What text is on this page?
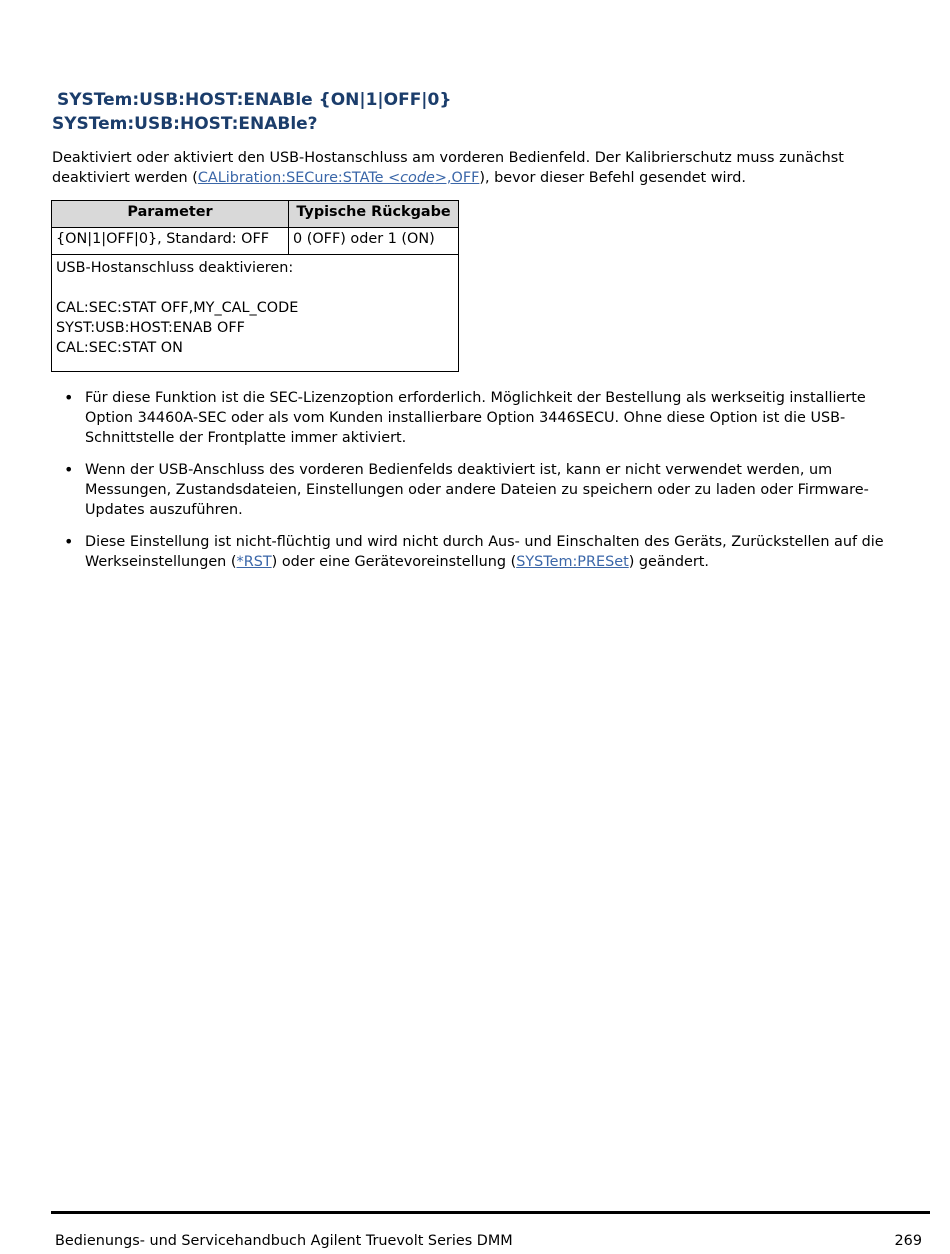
SYSTem:USB:HOST:ENABle {ON|1|OFF|0}
SYSTem:USB:HOST:ENABle?

Deaktiviert oder aktiviert den USB-Hostanschluss am vorderen Bedienfeld. Der Kalibrierschutz muss zunächst deaktiviert werden (CALibration:SECure:STATe <code>,OFF), bevor dieser Befehl gesendet wird.

Parameter	Typische Rückgabe
{ON|1|OFF|0}, Standard: OFF	0 (OFF) oder 1 (ON)

USB-Hostanschluss deaktivieren:
CAL:SEC:STAT OFF,MY_CAL_CODE
SYST:USB:HOST:ENAB OFF
CAL:SEC:STAT ON	
• Für diese Funktion ist die SEC-Lizenzoption erforderlich. Möglichkeit der Bestellung als werkseitig installierte Option 34460A-SEC oder als vom Kunden installierbare Option 3446SECU. Ohne diese Option ist die USB-Schnittstelle der Frontplatte immer aktiviert.
• Wenn der USB-Anschluss des vorderen Bedienfelds deaktiviert ist, kann er nicht verwendet werden, um Messungen, Zustandsdateien, Einstellungen oder andere Dateien zu speichern oder zu laden oder Firmware-Updates auszuführen.
• Diese Einstellung ist nicht-flüchtig und wird nicht durch Aus- und Einschalten des Geräts, Zurückstellen auf die Werkseinstellungen (*RST) oder eine Gerätevoreinstellung (SYSTem:PRESet) geändert.
Bedienungs- und Servicehandbuch Agilent Truevolt Series DMM	269
